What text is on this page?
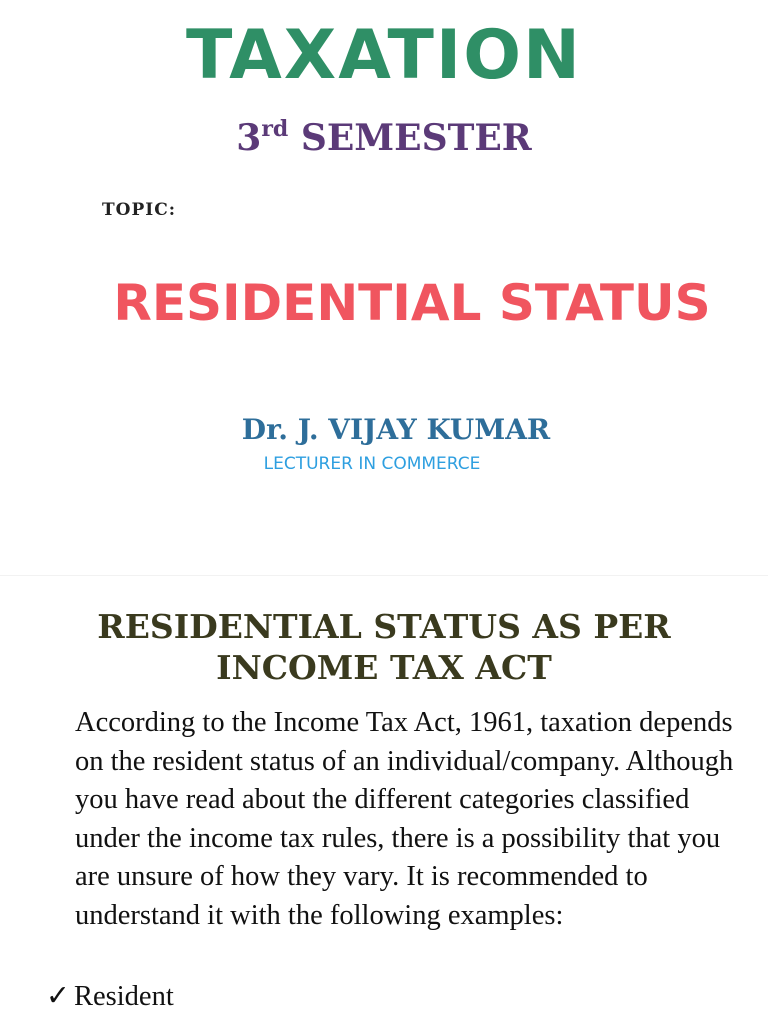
TAXATION
3rd SEMESTER
TOPIC:
RESIDENTIAL STATUS
Dr. J. VIJAY KUMAR
LECTURER IN COMMERCE
RESIDENTIAL STATUS AS PER
INCOME TAX ACT
According to the Income Tax Act, 1961, taxation depends on the resident status of an individual/company. Although you have read about the different categories classified under the income tax rules, there is a possibility that you are unsure of how they vary. It is recommended to understand it with the following examples:
✓ Resident
